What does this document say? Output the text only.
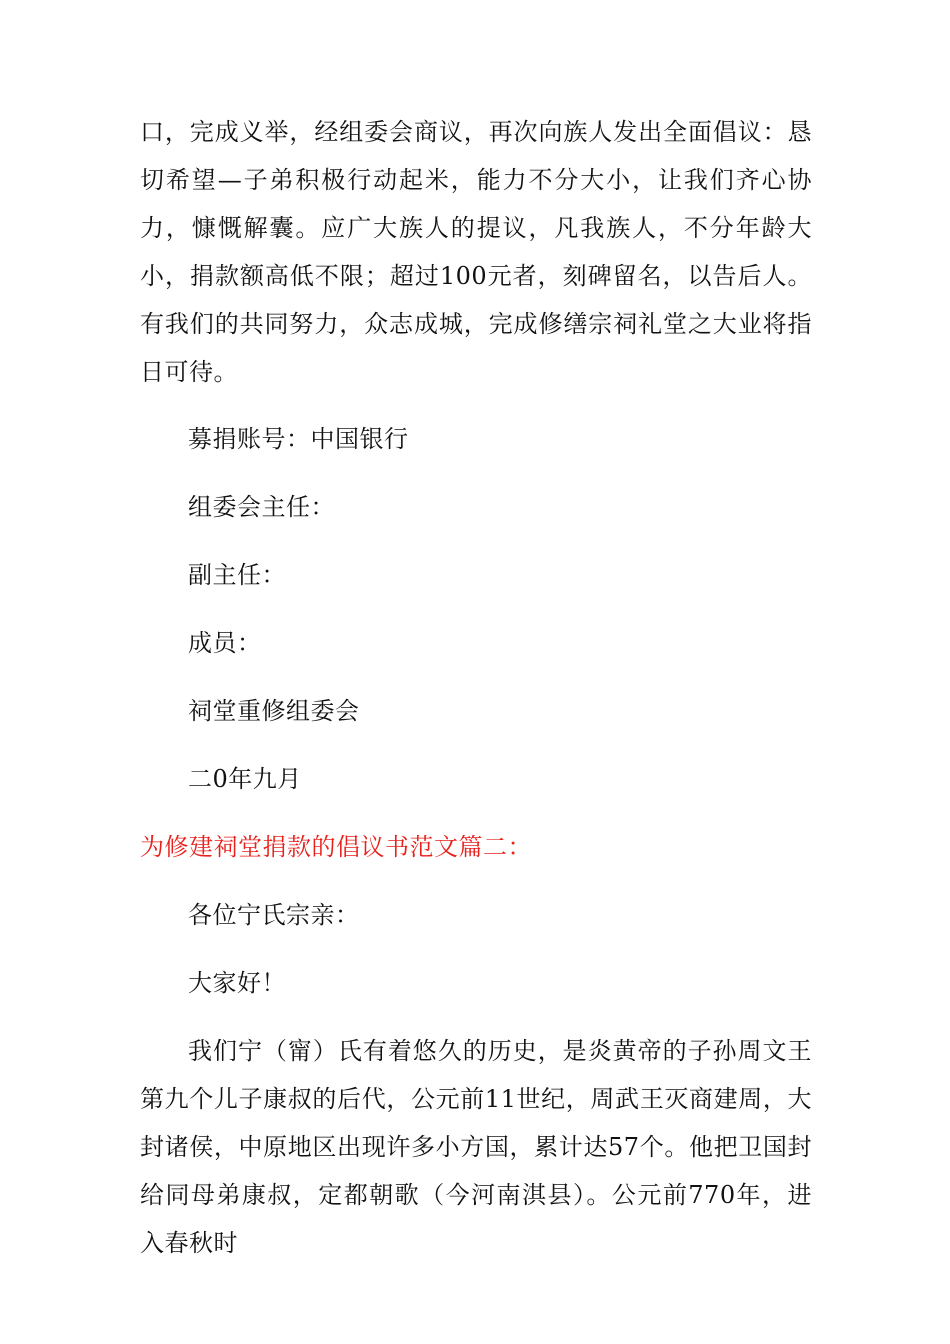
口，完成义举，经组委会商议，再次向族人发出全面倡议：恳切希望—子弟积极行动起米，能力不分大小，让我们齐心协力，慷慨解囊。应广大族人的提议，凡我族人，不分年龄大小，捐款额高低不限；超过100元者，刻碑留名，以告后人。有我们的共同努力，众志成城，完成修缮宗祠礼堂之大业将指日可待。

募捐账号：中国银行
组委会主任：
副主任：
成员：
祠堂重修组委会
二0年九月
为修建祠堂捐款的倡议书范文篇二：
各位宁氏宗亲：
大家好！

我们宁（甯）氏有着悠久的历史，是炎黄帝的子孙周文王第九个儿子康叔的后代，公元前11世纪，周武王灭商建周，大封诸侯，中原地区出现许多小方国，累计达57个。他把卫国封给同母弟康叔，定都朝歌（今河南淇县）。公元前770年，进入春秋时
